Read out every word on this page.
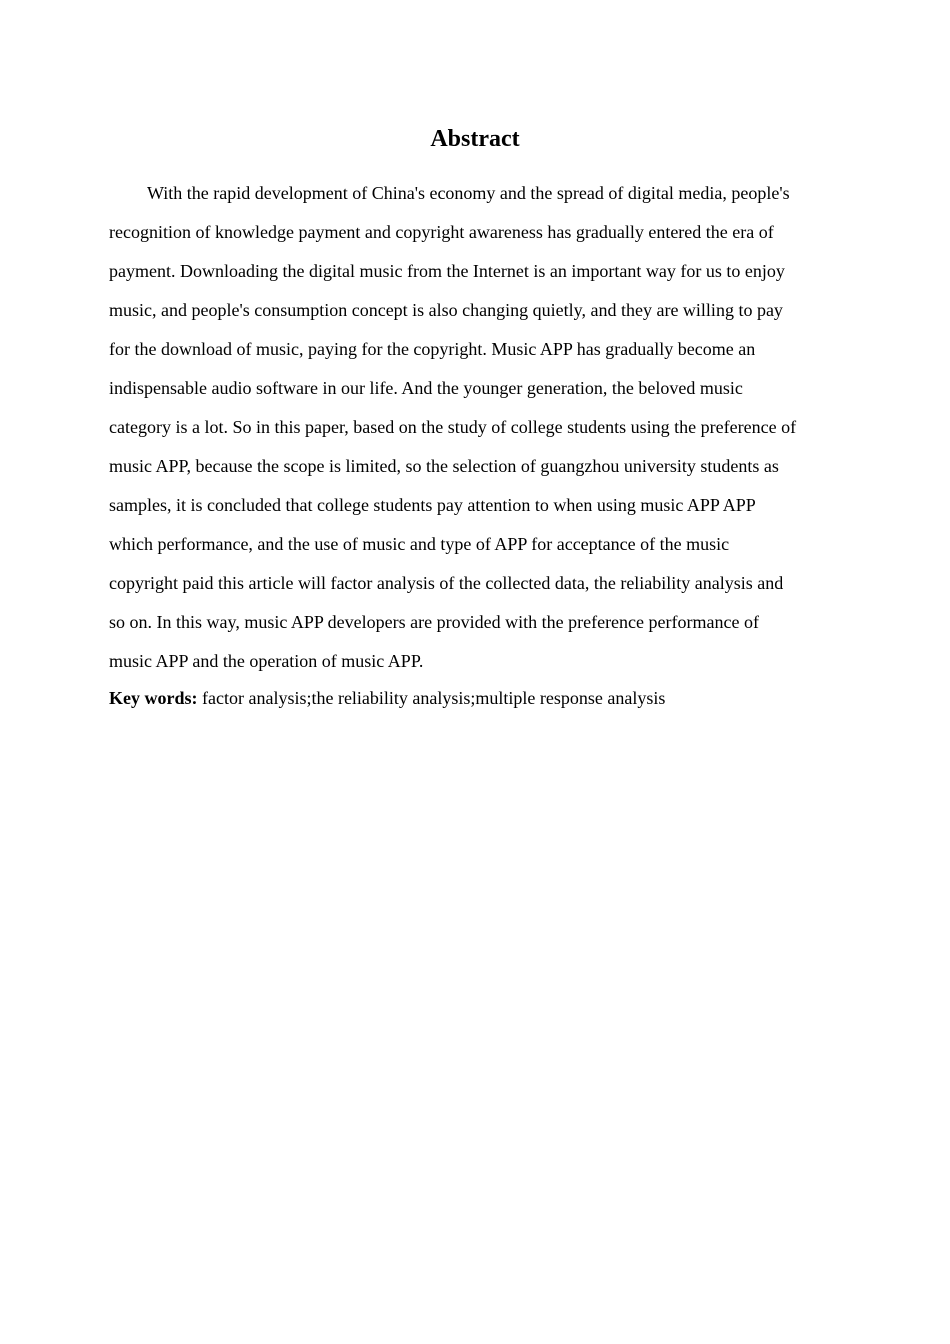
Abstract
With the rapid development of China's economy and the spread of digital media, people's
recognition of knowledge payment and copyright awareness has gradually entered the era of
payment. Downloading the digital music from the Internet is an important way for us to enjoy
music, and people's consumption concept is also changing quietly, and they are willing to pay
for the download of music, paying for the copyright. Music APP has gradually become an
indispensable audio software in our life. And the younger generation, the beloved music
category is a lot. So in this paper, based on the study of college students using the preference of
music APP, because the scope is limited, so the selection of guangzhou university students as
samples, it is concluded that college students pay attention to when using music APP APP
which performance, and the use of music and type of APP for acceptance of the music
copyright paid this article will factor analysis of the collected data, the reliability analysis and
so on. In this way, music APP developers are provided with the preference performance of
music APP and the operation of music APP.

Key words: factor analysis;the reliability analysis;multiple response analysis
